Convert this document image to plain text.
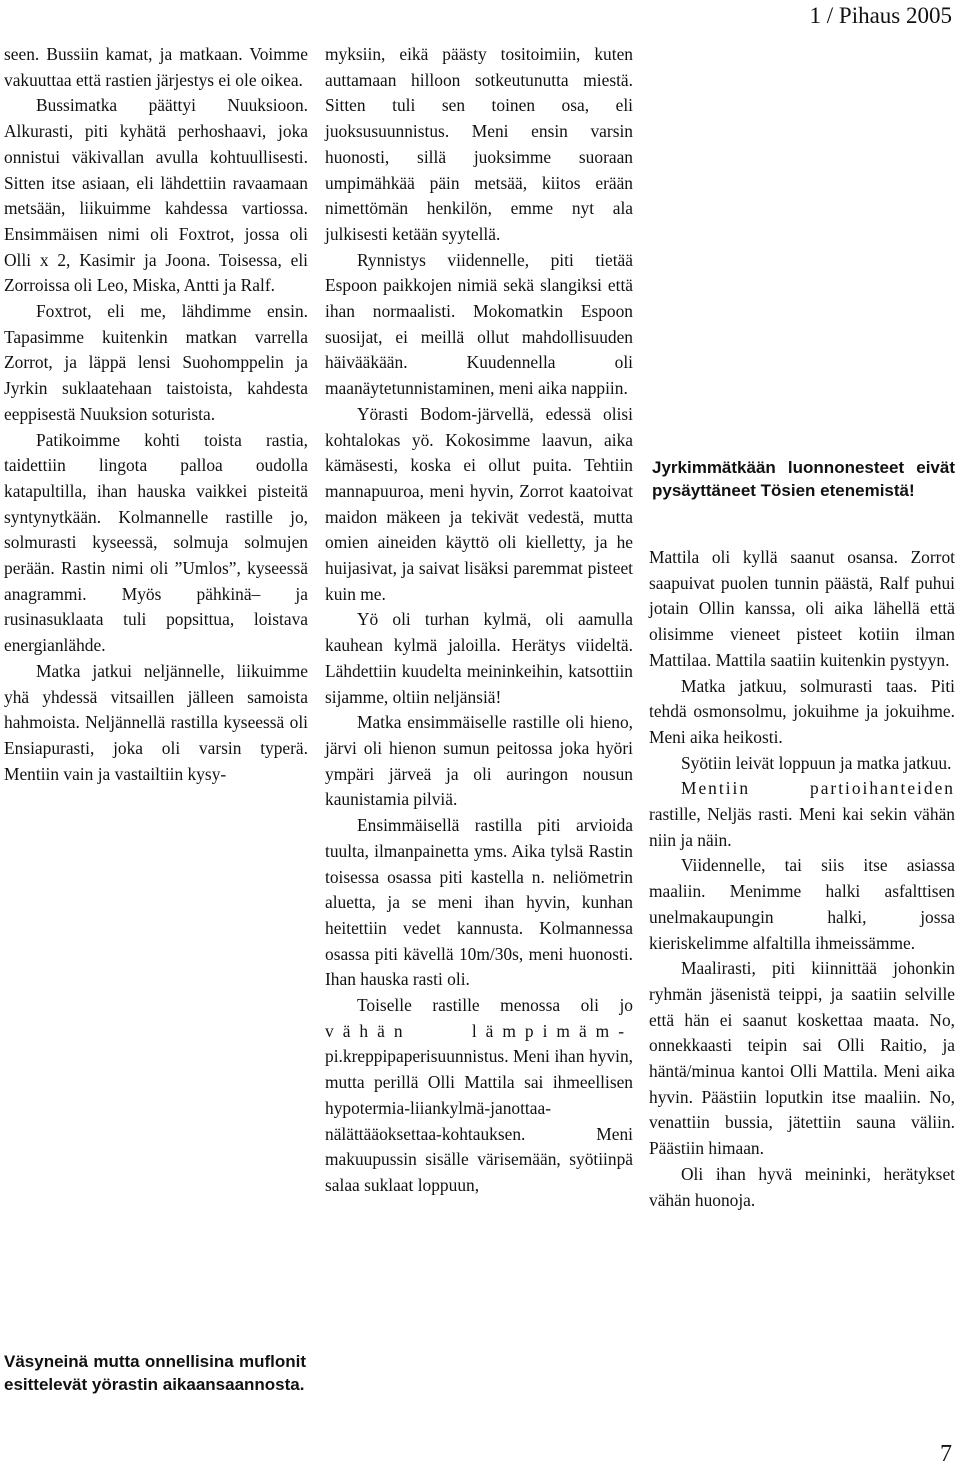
1 / Pihaus 2005

seen. Bussiin kamat, ja matkaan. Voimme vakuuttaa että rastien järjestys ei ole oikea.

Bussimatka päättyi Nuuksioon. Alkurasti, piti kyhätä perhoshaavi, joka onnistui väkivallan avulla kohtuullisesti. Sitten itse asiaan, eli lähdettiin ravaamaan metsään, liikuimme kahdessa vartiossa. Ensimmäisen nimi oli Foxtrot, jossa oli Olli x 2, Kasimir ja Joona. Toisessa, eli Zorroissa oli Leo, Miska, Antti ja Ralf.

Foxtrot, eli me, lähdimme ensin. Tapasimme kuitenkin matkan varrella Zorrot, ja läppä lensi Suohomppelin ja Jyrkin suklaatehaan taistoista, kahdesta eeppisestä Nuuksion soturista.

Patikoimme kohti toista rastia, taidettiin lingota palloa oudolla katapultilla, ihan hauska vaikkei pisteitä syntynytkään. Kolmannelle rastille jo, solmurasti kyseessä, solmuja solmujen perään. Rastin nimi oli ”Umlos”, kyseessä anagrammi. Myös pähkinä– ja rusinasuklaata tuli popsittua, loistava energianlähde.

Matka jatkui neljännelle, liikuimme yhä yhdessä vitsaillen jälleen samoista hahmoista. Neljännellä rastilla kyseessä oli Ensiapurasti, joka oli varsin typerä. Mentiin vain ja vastailtiin kysy-

Väsyneinä mutta onnellisina muflonit esittelevät yörastin aikaansaannosta.

myksiin, eikä päästy tositoimiin, kuten auttamaan hilloon sotkeutunutta miestä. Sitten tuli sen toinen osa, eli juoksusuunnistus. Meni ensin varsin huonosti, sillä juoksimme suoraan umpimähkää päin metsää, kiitos erään nimettömän henkilön, emme nyt ala julkisesti ketään syytellä.

Rynnistys viidennelle, piti tietää Espoon paikkojen nimiä sekä slangiksi että ihan normaalisti. Mokomatkin Espoon suosijat, ei meillä ollut mahdollisuuden häivääkään. Kuudennella oli maanäytetunnistaminen, meni aika nappiin.

Yörasti Bodom-järvellä, edessä olisi kohtalokas yö. Kokosimme laavun, aika kämäsesti, koska ei ollut puita. Tehtiin mannapuuroa, meni hyvin, Zorrot kaatoivat maidon mäkeen ja tekivät vedestä, mutta omien aineiden käyttö oli kielletty, ja he huijasivat, ja saivat lisäksi paremmat pisteet kuin me.

Yö oli turhan kylmä, oli aamulla kauhean kylmä jaloilla. Herätys viideltä. Lähdettiin kuudelta meininkeihin, katsottiin sijamme, oltiin neljänsiä!

Matka ensimmäiselle rastille oli hieno, järvi oli hienon sumun peitossa joka hyöri ympäri järveä ja oli auringon nousun kaunistamia pilviä.

Ensimmäisellä rastilla piti arvioida tuulta, ilmanpainetta yms. Aika tylsä Rastin toisessa osassa piti kastella n. neliömetrin aluetta, ja se meni ihan hyvin, kunhan heitettiin vedet kannusta. Kolmannessa osassa piti kävellä 10m/30s, meni huonosti. Ihan hauska rasti oli.

Toiselle rastille menossa oli jo vähän lämpimäm- pi.kreppipaperisuunnistus. Meni ihan hyvin, mutta perillä Olli Mattila sai ihmeellisen hypotermia-liiankylmä-janottaa-nälättääoksettaa-kohtauksen. Meni makuupussin sisälle värisemään, syötiinpä salaa suklaat loppuun,

Jyrkimmätkään luonnonesteet eivät pysäyttäneet Tösien etenemistä!

Mattila oli kyllä saanut osansa. Zorrot saapuivat puolen tunnin päästä, Ralf puhui jotain Ollin kanssa, oli aika lähellä että olisimme vieneet pisteet kotiin ilman Mattilaa. Mattila saatiin kuitenkin pystyyn.

Matka jatkuu, solmurasti taas. Piti tehdä osmonsolmu, jokuihme ja jokuihme. Meni aika heikosti.

Syötiin leivät loppuun ja matka jatkuu.

Mentiin partioihanteiden rastille, Neljäs rasti. Meni kai sekin vähän niin ja näin.

Viidennelle, tai siis itse asiassa maaliin. Menimme halki asfalttisen unelmakaupungin halki, jossa kieriskelimme alfaltilla ihmeissämme.

Maalirasti, piti kiinnittää johonkin ryhmän jäsenistä teippi, ja saatiin selville että hän ei saanut koskettaa maata. No, onnekkaasti teipin sai Olli Raitio, ja häntä/minua kantoi Olli Mattila. Meni aika hyvin. Päästiin loputkin itse maaliin. No, venattiin bussia, jätettiin sauna väliin. Päästiin himaan.

Oli ihan hyvä meininki, herätykset vähän huonoja.

7
